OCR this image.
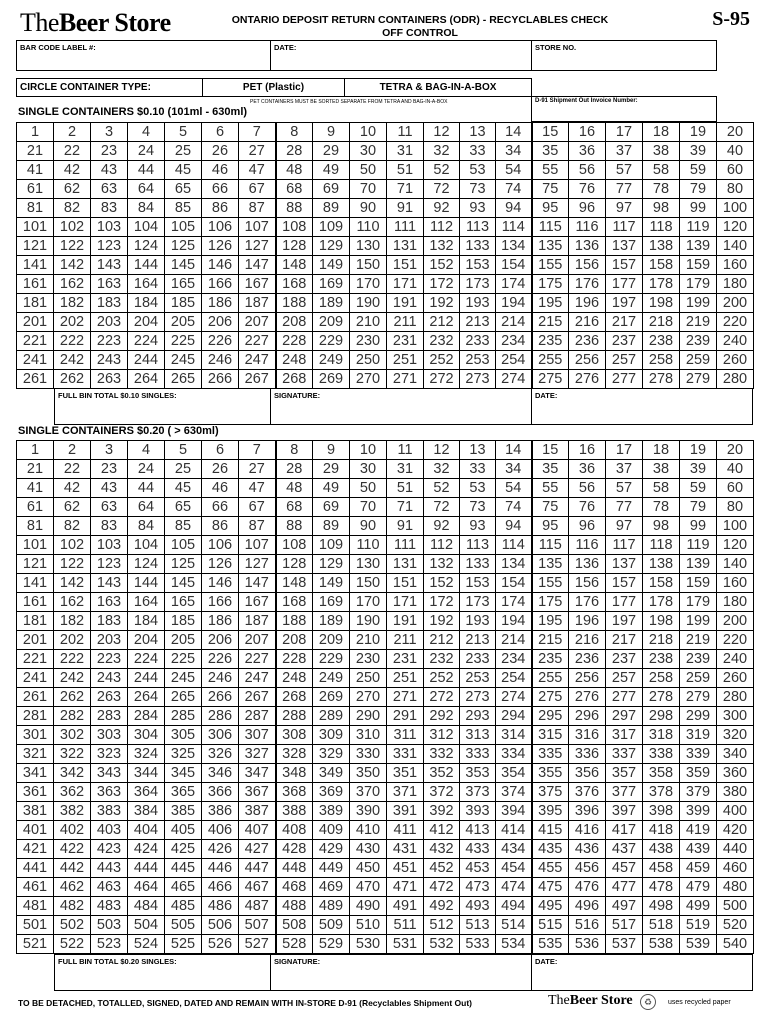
TheBeer Store	ONTARIO DEPOSIT RETURN CONTAINERS (ODR) - RECYCLABLES CHECK
OFF CONTROL
S-95
BAR CODE LABEL #:	DATE:	STORE NO.
CIRCLE CONTAINER TYPE:	PET (Plastic)	TETRA & BAG-IN-A-BOX
PET CONTAINERS MUST BE SORTED SEPARATE FROM TETRA AND BAG-IN-A-BOX	D-91 Shipment Out Invoice Number:
SINGLE CONTAINERS $0.10 (101ml - 630ml)
1	2	3	4	5	6	7	8	9	10	11	12	13	14	15	16	17	18	19	20
21	22	23	24	25	26	27	28	29	30	31	32	33	34	35	36	37	38	39	40
41	42	43	44	45	46	47	48	49	50	51	52	53	54	55	56	57	58	59	60
61	62	63	64	65	66	67	68	69	70	71	72	73	74	75	76	77	78	79	80
81	82	83	84	85	86	87	88	89	90	91	92	93	94	95	96	97	98	99	100
101	102	103	104	105	106	107	108	109	110	111	112	113	114	115	116	117	118	119	120
121	122	123	124	125	126	127	128	129	130	131	132	133	134	135	136	137	138	139	140
141	142	143	144	145	146	147	148	149	150	151	152	153	154	155	156	157	158	159	160
161	162	163	164	165	166	167	168	169	170	171	172	173	174	175	176	177	178	179	180
181	182	183	184	185	186	187	188	189	190	191	192	193	194	195	196	197	198	199	200
201	202	203	204	205	206	207	208	209	210	211	212	213	214	215	216	217	218	219	220
221	222	223	224	225	226	227	228	229	230	231	232	233	234	235	236	237	238	239	240
241	242	243	244	245	246	247	248	249	250	251	252	253	254	255	256	257	258	259	260
261	262	263	264	265	266	267	268	269	270	271	272	273	274	275	276	277	278	279	280
FULL BIN TOTAL $0.10 SINGLES:	SIGNATURE:	DATE:
SINGLE CONTAINERS $0.20 ( > 630ml)
1	2	3	4	5	6	7	8	9	10	11	12	13	14	15	16	17	18	19	20
21	22	23	24	25	26	27	28	29	30	31	32	33	34	35	36	37	38	39	40
41	42	43	44	45	46	47	48	49	50	51	52	53	54	55	56	57	58	59	60
61	62	63	64	65	66	67	68	69	70	71	72	73	74	75	76	77	78	79	80
81	82	83	84	85	86	87	88	89	90	91	92	93	94	95	96	97	98	99	100
101	102	103	104	105	106	107	108	109	110	111	112	113	114	115	116	117	118	119	120
121	122	123	124	125	126	127	128	129	130	131	132	133	134	135	136	137	138	139	140
141	142	143	144	145	146	147	148	149	150	151	152	153	154	155	156	157	158	159	160
161	162	163	164	165	166	167	168	169	170	171	172	173	174	175	176	177	178	179	180
181	182	183	184	185	186	187	188	189	190	191	192	193	194	195	196	197	198	199	200
201	202	203	204	205	206	207	208	209	210	211	212	213	214	215	216	217	218	219	220
221	222	223	224	225	226	227	228	229	230	231	232	233	234	235	236	237	238	239	240
241	242	243	244	245	246	247	248	249	250	251	252	253	254	255	256	257	258	259	260
261	262	263	264	265	266	267	268	269	270	271	272	273	274	275	276	277	278	279	280
281	282	283	284	285	286	287	288	289	290	291	292	293	294	295	296	297	298	299	300
301	302	303	304	305	306	307	308	309	310	311	312	313	314	315	316	317	318	319	320
321	322	323	324	325	326	327	328	329	330	331	332	333	334	335	336	337	338	339	340
341	342	343	344	345	346	347	348	349	350	351	352	353	354	355	356	357	358	359	360
361	362	363	364	365	366	367	368	369	370	371	372	373	374	375	376	377	378	379	380
381	382	383	384	385	386	387	388	389	390	391	392	393	394	395	396	397	398	399	400
401	402	403	404	405	406	407	408	409	410	411	412	413	414	415	416	417	418	419	420
421	422	423	424	425	426	427	428	429	430	431	432	433	434	435	436	437	438	439	440
441	442	443	444	445	446	447	448	449	450	451	452	453	454	455	456	457	458	459	460
461	462	463	464	465	466	467	468	469	470	471	472	473	474	475	476	477	478	479	480
481	482	483	484	485	486	487	488	489	490	491	492	493	494	495	496	497	498	499	500
501	502	503	504	505	506	507	508	509	510	511	512	513	514	515	516	517	518	519	520
521	522	523	524	525	526	527	528	529	530	531	532	533	534	535	536	537	538	539	540
FULL BIN TOTAL $0.20 SINGLES:	SIGNATURE:	DATE:
TO BE DETACHED, TOTALLED, SIGNED, DATED AND REMAIN WITH IN-STORE D-91 (Recyclables Shipment Out)	TheBeer Store	♻	uses recycled paper
